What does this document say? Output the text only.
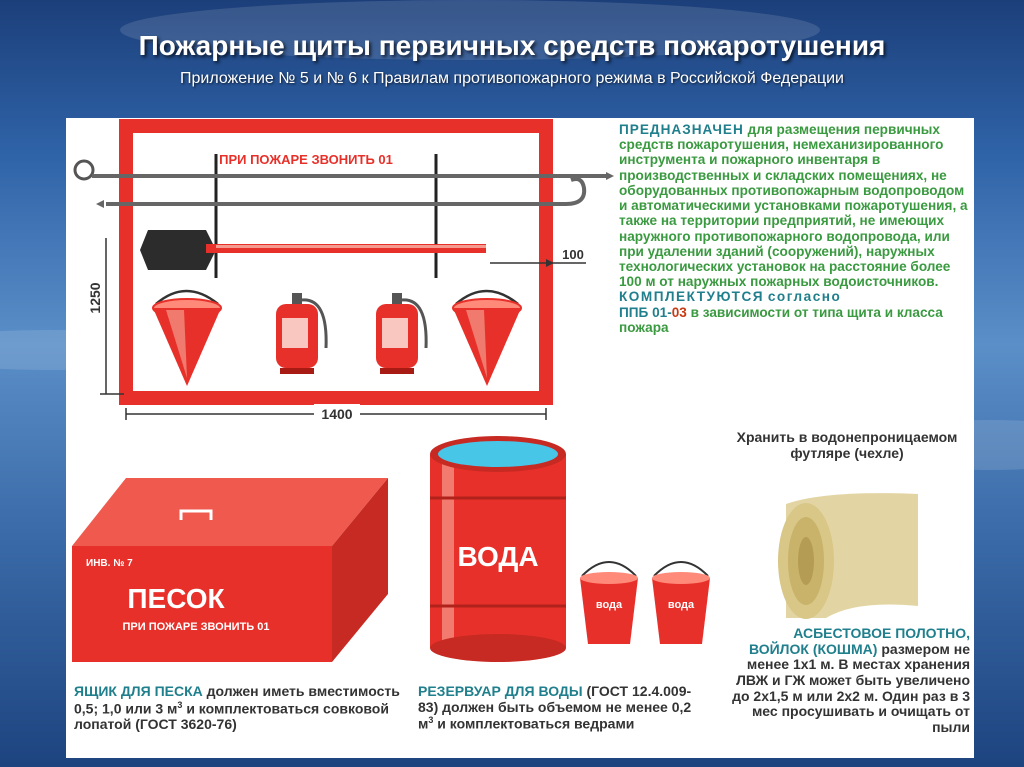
Пожарные щиты первичных средств пожаротушения
Приложение № 5 и № 6 к Правилам противопожарного режима в Российской Федерации
ПРИ ПОЖАРЕ ЗВОНИТЬ 01
1250
1400
100
ИНВ. № 7
ПЕСОК
ПРИ ПОЖАРЕ ЗВОНИТЬ 01
ВОДА
вода	вода
ПРЕДНАЗНАЧЕН для размещения первичных средств пожаротушения, немеханизированного инструмента и пожарного инвентаря в производственных и складских помещениях, не оборудованных противопожарным водопроводом и автоматическими установками пожаротушения, а также на территории предприятий, не имеющих наружного противопожарного водопровода, или при удалении зданий (сооружений), наружных технологических установок на расстояние более 100 м от наружных пожарных водоисточников.
КОМПЛЕКТУЮТСЯ согласно
ППБ 01-03 в зависимости от типа щита и класса пожара
Хранить в водонепроницаемом футляре (чехле)
ЯЩИК ДЛЯ ПЕСКА должен иметь вместимость 0,5; 1,0 или 3 $м^3$ и комплектоваться совковой лопатой (ГОСТ 3620-76)
РЕЗЕРВУАР ДЛЯ ВОДЫ (ГОСТ 12.4.009-83) должен быть объемом не менее 0,2 $м^3$ и комплектоваться ведрами
АСБЕСТОВОЕ ПОЛОТНО, ВОЙЛОК (КОШМА) размером не менее 1х1 м. В местах хранения ЛВЖ и ГЖ может быть увеличено до 2х1,5 м или 2х2 м. Один раз в 3 мес просушивать и очищать от пыли
